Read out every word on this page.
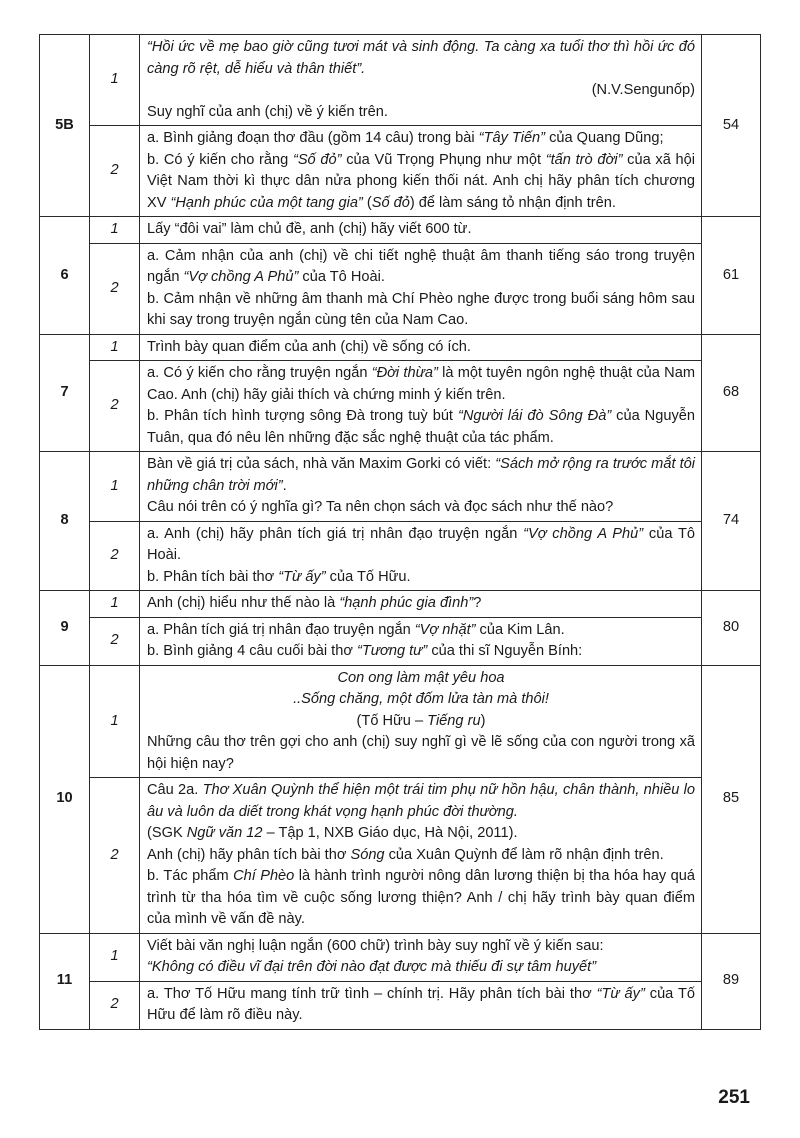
5B	1	“Hồi ức về mẹ bao giờ cũng tươi mát và sinh động. Ta càng xa tuổi thơ thì hồi ức đó càng rõ rệt, dễ hiểu và thân thiết”.
(N.V.Sengunốp)
Suy nghĩ của anh (chị) về ý kiến trên.	54
	2	a. Bình giảng đoạn thơ đầu (gồm 14 câu) trong bài “Tây Tiến” của Quang Dũng;
b. Có ý kiến cho rằng “Số đỏ” của Vũ Trọng Phụng như một “tấn trò đời” của xã hội Việt Nam thời kì thực dân nửa phong kiến thối nát. Anh chị hãy phân tích chương XV “Hạnh phúc của một tang gia” (Số đỏ) để làm sáng tỏ nhận định trên.	

6	1	Lấy “đôi vai” làm chủ đề, anh (chị) hãy viết 600 từ.	61
	2	a. Cảm nhận của anh (chị) về chi tiết nghệ thuật âm thanh tiếng sáo trong truyện ngắn “Vợ chồng A Phủ” của Tô Hoài.
b. Cảm nhận về những âm thanh mà Chí Phèo nghe được trong buổi sáng hôm sau khi say trong truyện ngắn cùng tên của Nam Cao.	

7	1	Trình bày quan điểm của anh (chị) về sống có ích.	68
	2	a. Có ý kiến cho rằng truyện ngắn “Đời thừa” là một tuyên ngôn nghệ thuật của Nam Cao. Anh (chị) hãy giải thích và chứng minh ý kiến trên.
b. Phân tích hình tượng sông Đà trong tuỳ bút “Người lái đò Sông Đà” của Nguyễn Tuân, qua đó nêu lên những đặc sắc nghệ thuật của tác phẩm.	

8	1	Bàn về giá trị của sách, nhà văn Maxim Gorki có viết: “Sách mở rộng ra trước mắt tôi những chân trời mới”.
Câu nói trên có ý nghĩa gì? Ta nên chọn sách và đọc sách như thế nào?	74
	2	a. Anh (chị) hãy phân tích giá trị nhân đạo truyện ngắn “Vợ chồng A Phủ” của Tô Hoài.
b. Phân tích bài thơ “Từ ấy” của Tố Hữu.	

9	1	Anh (chị) hiểu như thế nào là “hạnh phúc gia đình”?	80
	2	a. Phân tích giá trị nhân đạo truyện ngắn “Vợ nhặt” của Kim Lân.
b. Bình giảng 4 câu cuối bài thơ “Tương tư” của thi sĩ Nguyễn Bính:	

10	1	Con ong làm mật yêu hoa
..Sống chăng, một đốm lửa tàn mà thôi!
(Tố Hữu – Tiếng ru)
Những câu thơ trên gợi cho anh (chị) suy nghĩ gì về lẽ sống của con người trong xã hội hiện nay?	85
	2	Câu 2a. Thơ Xuân Quỳnh thể hiện một trái tim phụ nữ hồn hậu, chân thành, nhiều lo âu và luôn da diết trong khát vọng hạnh phúc đời thường.
(SGK Ngữ văn 12 – Tập 1, NXB Giáo dục, Hà Nội, 2011).
Anh (chị) hãy phân tích bài thơ Sóng của Xuân Quỳnh để làm rõ nhận định trên.
b. Tác phẩm Chí Phèo là hành trình người nông dân lương thiện bị tha hóa hay quá trình từ tha hóa tìm về cuộc sống lương thiện? Anh / chị hãy trình bày quan điểm của mình về vấn đề này.	

11	1	Viết bài văn nghị luận ngắn (600 chữ) trình bày suy nghĩ về ý kiến sau:
“Không có điều vĩ đại trên đời nào đạt được mà thiếu đi sự tâm huyết”	89
	2	a. Thơ Tố Hữu mang tính trữ tình – chính trị. Hãy phân tích bài thơ “Từ ấy” của Tố Hữu để làm rõ điều này.	
251
